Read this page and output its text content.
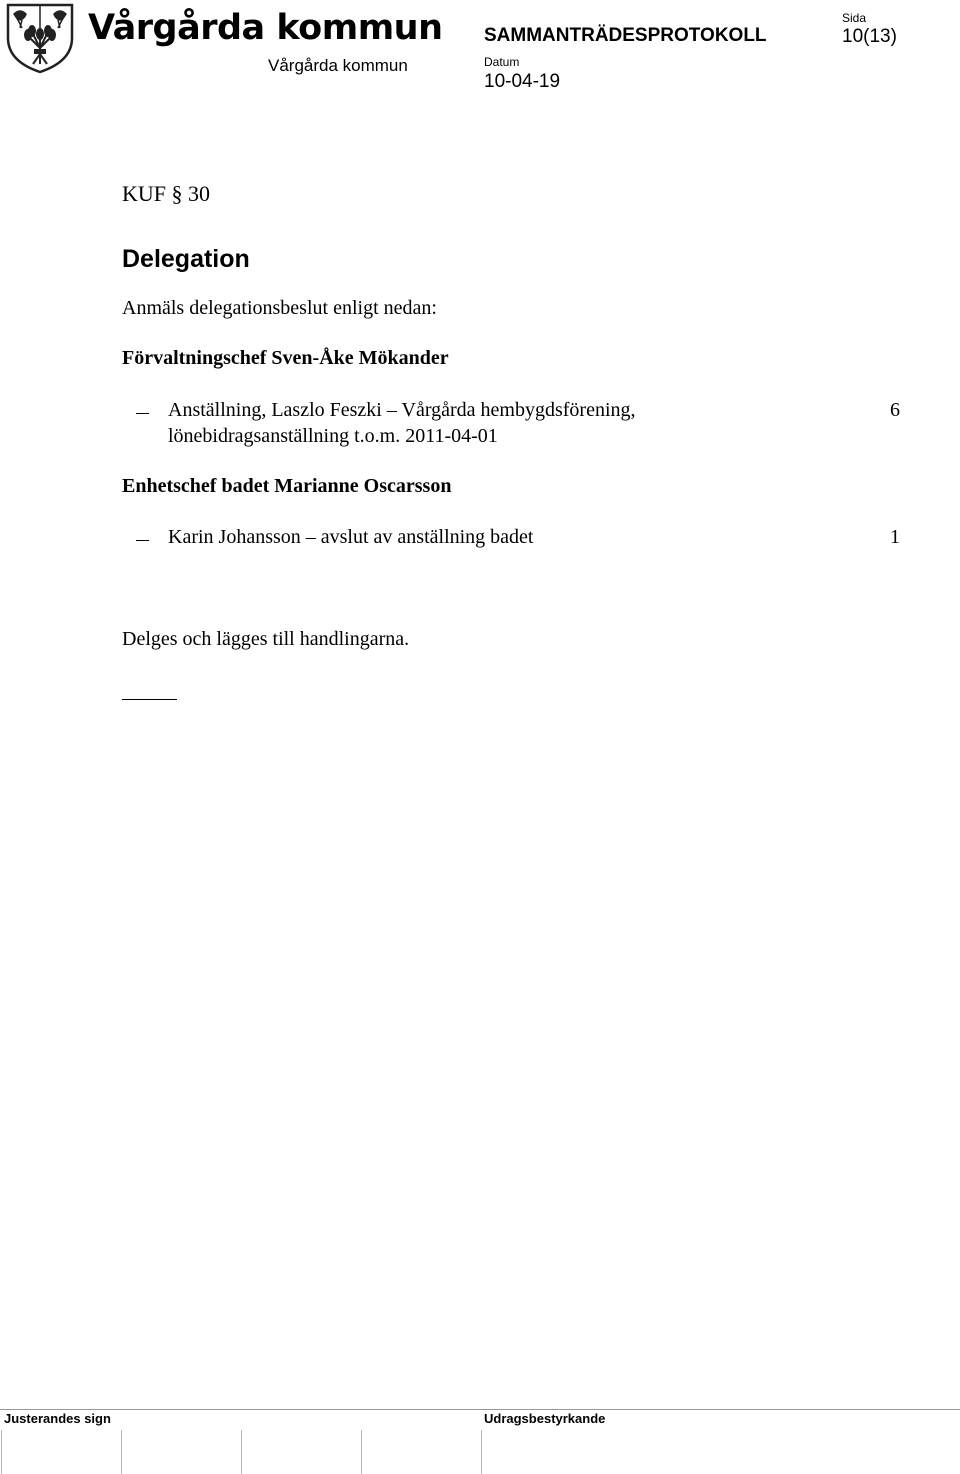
Vårgårda kommun
Vårgårda kommun
SAMMANTRÄDESPROTOKOLL
Sida
10(13)
Datum
10-04-19
KUF § 30
Delegation
Anmäls delegationsbeslut enligt nedan:
Förvaltningschef Sven-Åke Mökander
Anställning, Laszlo Feszki – Vårgårda hembygdsförening, lönebidragsanställning t.o.m. 2011-04-01
6
Enhetschef badet Marianne Oscarsson
Karin Johansson – avslut av anställning badet	1
Delges och lägges till handlingarna.
Justerandes sign	Udragsbestyrkande
